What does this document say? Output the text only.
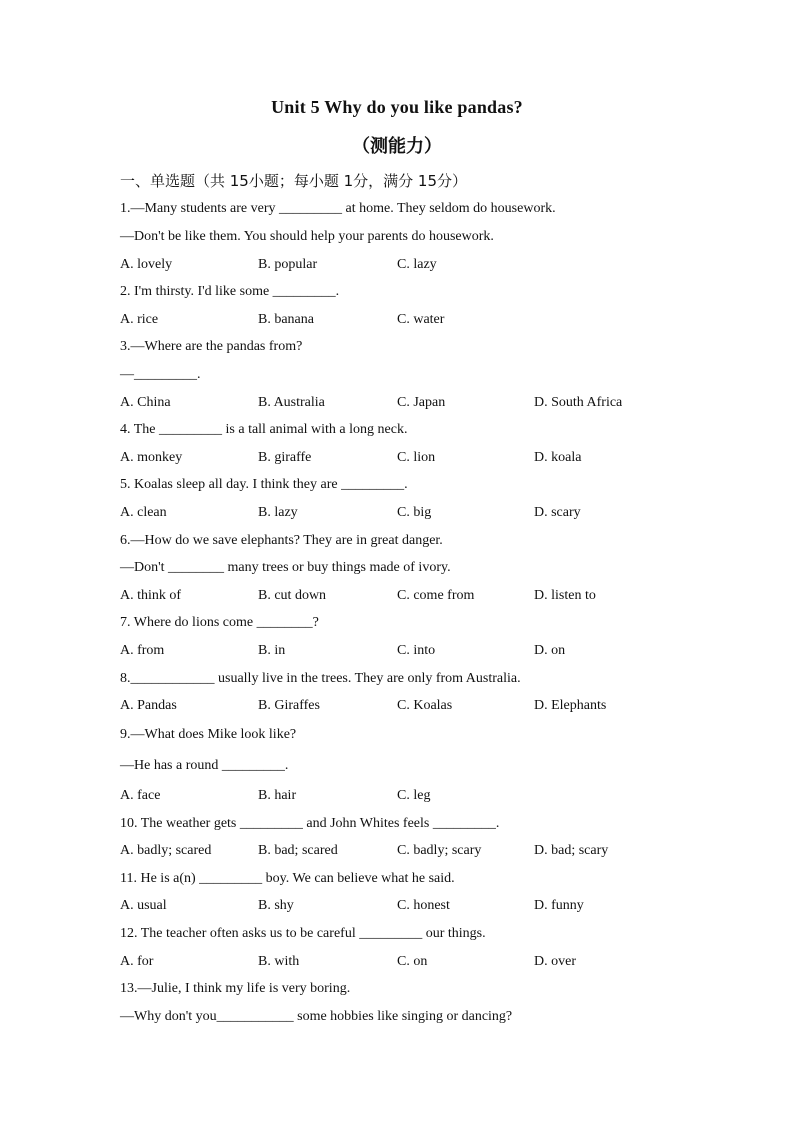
Unit 5 Why do you like pandas?
（测能力）
一、单选题（共 15小题；每小题 1分，满分 15分）
1.—Many students are very _________ at home. They seldom do housework.
—Don't be like them. You should help your parents do housework.
A. lovely	B. popular	C. lazy
2. I'm thirsty. I'd like some _________.
A. rice	B. banana	C. water
3.—Where are the pandas from?
—_________.
A. China	B. Australia	C. Japan	D. South Africa
4. The _________ is a tall animal with a long neck.
A. monkey	B. giraffe	C. lion	D. koala
5. Koalas sleep all day. I think they are _________.
A. clean	B. lazy	C. big	D. scary
6.—How do we save elephants? They are in great danger.
—Don't ________ many trees or buy things made of ivory.
A. think of	B. cut down	C. come from	D. listen to
7. Where do lions come ________?
A. from	B. in	C. into	D. on
8.____________ usually live in the trees. They are only from Australia.
A. Pandas	B. Giraffes	C. Koalas	D. Elephants
9.—What does Mike look like?
—He has a round _________.
A. face	B. hair	C. leg
10. The weather gets _________ and John Whites feels _________.
A. badly; scared	B. bad; scared	C. badly; scary	D. bad; scary
11. He is a(n) _________ boy. We can believe what he said.
A. usual	B. shy	C. honest	D. funny
12. The teacher often asks us to be careful _________ our things.
A. for	B. with	C. on	D. over
13.—Julie, I think my life is very boring.
—Why don't you___________ some hobbies like singing or dancing?
